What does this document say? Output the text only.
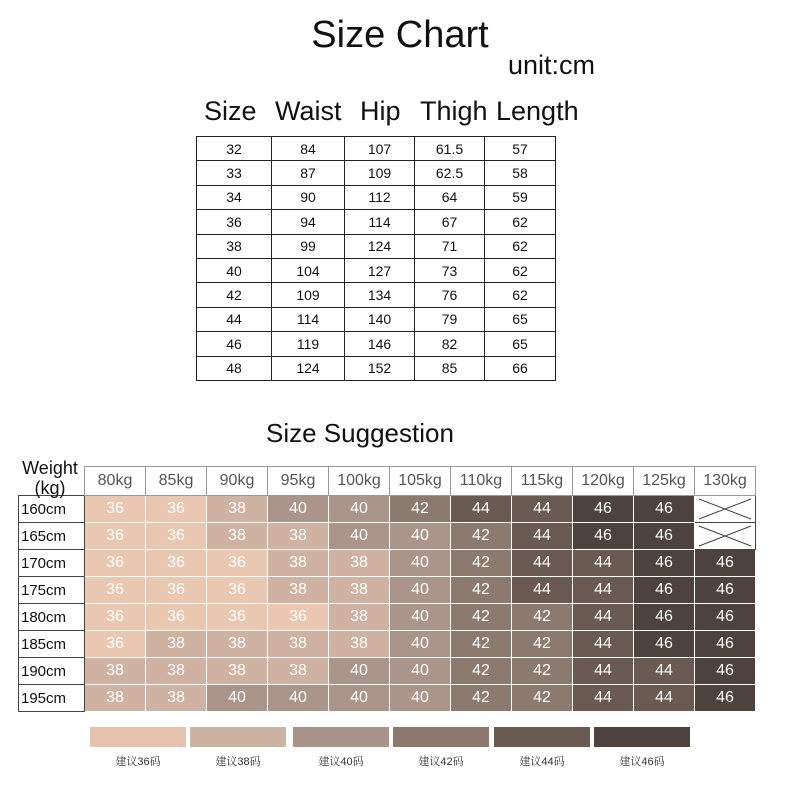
Size Chart
unit:cm
Size Waist Hip Thigh Length
32	84	107	61.5	57
33	87	109	62.5	58
34	90	112	64	59
36	94	114	67	62
38	99	124	71	62
40	104	127	73	62
42	109	134	76	62
44	114	140	79	65
46	119	146	82	65
48	124	152	85	66
Size Suggestion
	80kg	85kg	90kg	95kg	100kg	105kg	110kg	115kg	120kg	125kg	130kg
160cm	36	36	38	40	40	42	44	44	46	46	

165cm	36	36	38	38	40	40	42	44	46	46	

170cm	36	36	36	38	38	40	42	44	44	46	46
175cm	36	36	36	38	38	40	42	44	44	46	46
180cm	36	36	36	36	38	40	42	42	44	46	46
185cm	36	38	38	38	38	40	42	42	44	46	46
190cm	38	38	38	38	40	40	42	42	44	44	46
195cm	38	38	40	40	40	40	42	42	44	44	46
Weight
(kg)
建议36码	建议38码	建议40码	建议42码	建议44码	建议46码
